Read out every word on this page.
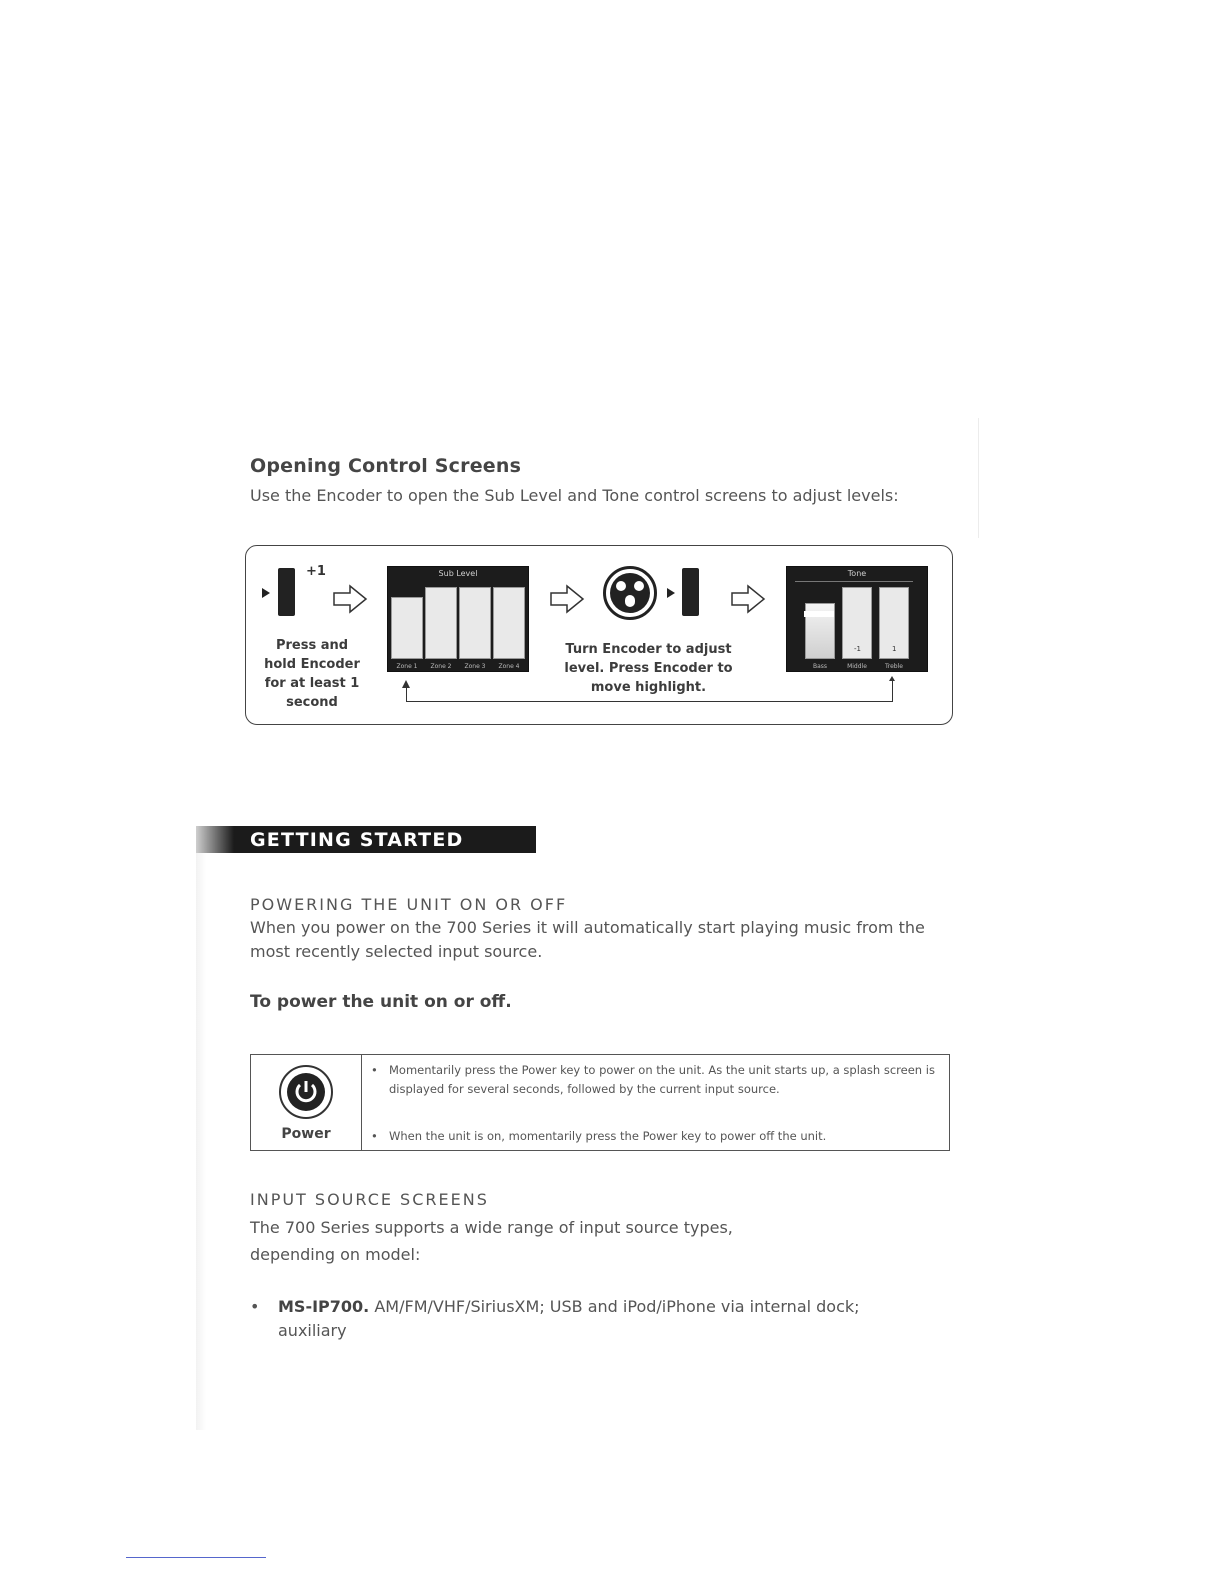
Opening Control Screens
Use the Encoder to open the Sub Level and Tone control screens to adjust levels:
+1
Press and
hold Encoder
for at least 1
second
Sub Level
Zone 1	Zone 2	Zone 3	Zone 4
Turn Encoder to adjust
level. Press Encoder to
move highlight.
Tone
-1	1
Bass	Middle	Treble
GETTING STARTED
POWERING THE UNIT ON OR OFF
When you power on the 700 Series it will automatically start playing music from the most recently selected input source.
To power the unit on or off.
Power
• Momentarily press the Power key to power on the unit. As the unit starts up, a splash screen is displayed for several seconds, followed by the current input source.
• When the unit is on, momentarily press the Power key to power off the unit.
INPUT SOURCE SCREENS
The 700 Series supports a wide range of input source types,
depending on model:
• MS-IP700. AM/FM/VHF/SiriusXM; USB and iPod/iPhone via internal dock; auxiliary
